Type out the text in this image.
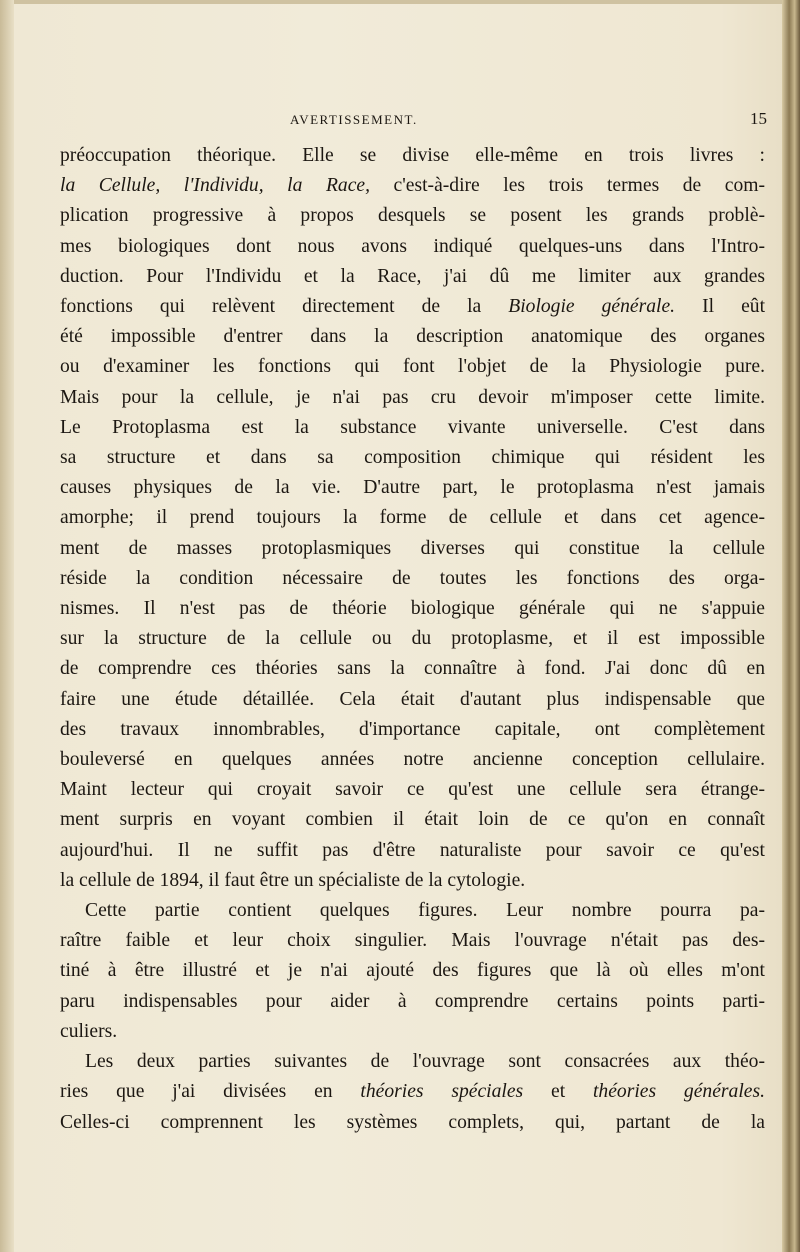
AVERTISSEMENT.	15
préoccupation théorique. Elle se divise elle-même en trois livres :
la Cellule, l'Individu, la Race, c'est-à-dire les trois termes de com-
plication progressive à propos desquels se posent les grands problè-
mes biologiques dont nous avons indiqué quelques-uns dans l'Intro-
duction. Pour l'Individu et la Race, j'ai dû me limiter aux grandes
fonctions qui relèvent directement de la Biologie générale. Il eût
été impossible d'entrer dans la description anatomique des organes
ou d'examiner les fonctions qui font l'objet de la Physiologie pure.
Mais pour la cellule, je n'ai pas cru devoir m'imposer cette limite.
Le Protoplasma est la substance vivante universelle. C'est dans
sa structure et dans sa composition chimique qui résident les
causes physiques de la vie. D'autre part, le protoplasma n'est jamais
amorphe; il prend toujours la forme de cellule et dans cet agence-
ment de masses protoplasmiques diverses qui constitue la cellule
réside la condition nécessaire de toutes les fonctions des orga-
nismes. Il n'est pas de théorie biologique générale qui ne s'appuie
sur la structure de la cellule ou du protoplasme, et il est impossible
de comprendre ces théories sans la connaître à fond. J'ai donc dû en
faire une étude détaillée. Cela était d'autant plus indispensable que
des travaux innombrables, d'importance capitale, ont complètement
bouleversé en quelques années notre ancienne conception cellulaire.
Maint lecteur qui croyait savoir ce qu'est une cellule sera étrange-
ment surpris en voyant combien il était loin de ce qu'on en connaît
aujourd'hui. Il ne suffit pas d'être naturaliste pour savoir ce qu'est
la cellule de 1894, il faut être un spécialiste de la cytologie.
Cette partie contient quelques figures. Leur nombre pourra pa-
raître faible et leur choix singulier. Mais l'ouvrage n'était pas des-
tiné à être illustré et je n'ai ajouté des figures que là où elles m'ont
paru indispensables pour aider à comprendre certains points parti-
culiers.
Les deux parties suivantes de l'ouvrage sont consacrées aux théo-
ries que j'ai divisées en théories spéciales et théories générales.
Celles-ci comprennent les systèmes complets, qui, partant de la
